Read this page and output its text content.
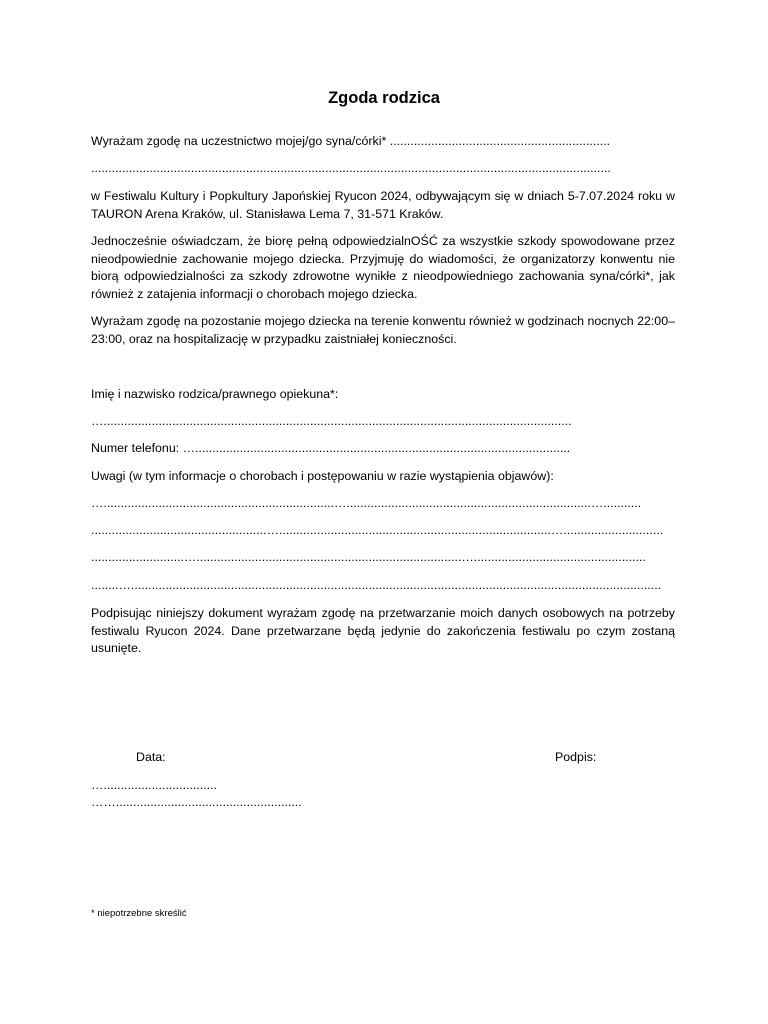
Zgoda rodzica
Wyrażam zgodę na uczestnictwo mojej/go syna/córki* ................................................................
.......................................................................................................................................................
w Festiwalu Kultury i Popkultury Japońskiej Ryucon 2024, odbywającym się w dniach 5-7.07.2024 roku w TAURON Arena Kraków, ul. Stanisława Lema 7, 31-571 Kraków.
Jednocześnie oświadczam, że biorę pełną odpowiedzialnOŚĆ za wszystkie szkody spowodowane przez nieodpowiednie zachowanie mojego dziecka. Przyjmuję do wiadomości, że organizatorzy konwentu nie biorą odpowiedzialności za szkody zdrowotne wynikłe z nieodpowiedniego zachowania syna/córki*, jak również z zatajenia informacji o chorobach mojego dziecka.
Wyrażam zgodę na pozostanie mojego dziecka na terenie konwentu również w godzinach nocnych 22:00–23:00, oraz na hospitalizację w przypadku zaistniałej konieczności.
Imię i nazwisko rodzica/prawnego opiekuna*:
…........................................................................................................................................
Numer telefonu: ….............................................................................................................
Uwagi (w tym informacje o chorobach i postępowaniu w razie wystąpienia objawów):
…...................................................................….......................................................................…...........
...................................................…...............................................................................….............................
...........................….............................................................................…..................................................
........…..........................................................................................................................................................
Podpisując niniejszy dokument wyrażam zgodę na przetwarzanie moich danych osobowych na potrzeby festiwalu Ryucon 2024. Dane przetwarzane będą jedynie do zakończenia festiwalu po czym zostaną usunięte.
Data:	Podpis:
….................................
……......................................................
* niepotrzebne skreślić
